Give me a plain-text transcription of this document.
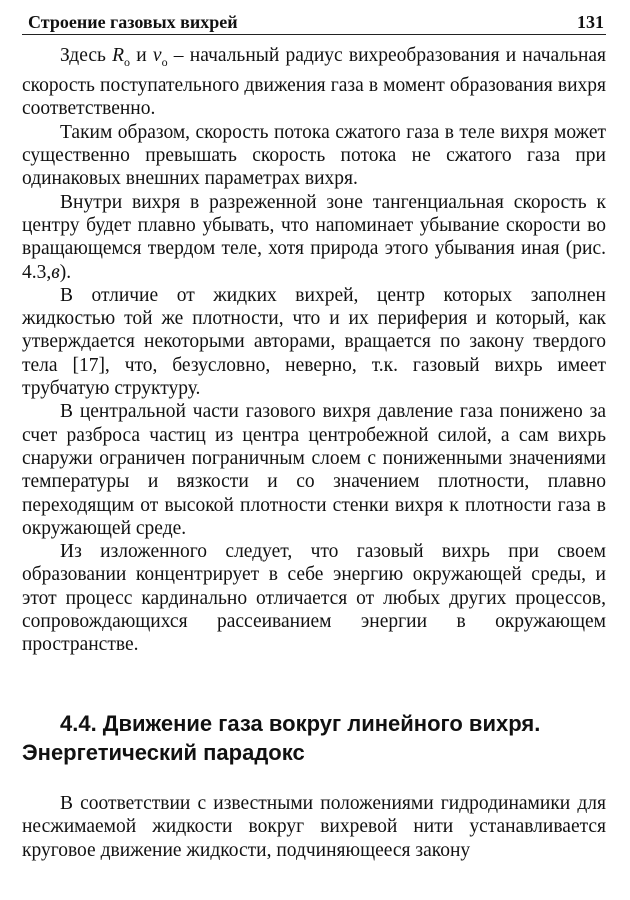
Строение газовых вихрей	131

Здесь $R_o$ и $v_o$ – начальный радиус вихреобразования и начальная скорость поступательного движения газа в момент образования вихря соответственно.

Таким образом, скорость потока сжатого газа в теле вихря может существенно превышать скорость потока не сжатого газа при одинаковых внешних параметрах вихря.

Внутри вихря в разреженной зоне тангенциальная скорость к центру будет плавно убывать, что напоминает убывание скорости во вращающемся твердом теле, хотя природа этого убывания иная (рис. 4.3,в).

В отличие от жидких вихрей, центр которых заполнен жидкостью той же плотности, что и их периферия и который, как утверждается некоторыми авторами, вращается по закону твердого тела [17], что, безусловно, неверно, т.к. газовый вихрь имеет трубчатую структуру.

В центральной части газового вихря давление газа понижено за счет разброса частиц из центра центробежной силой, а сам вихрь снаружи ограничен пограничным слоем с пониженными значениями температуры и вязкости и со значением плотности, плавно переходящим от высокой плотности стенки вихря к плотности газа в окружающей среде.

Из изложенного следует, что газовый вихрь при своем образовании концентрирует в себе энергию окружающей среды, и этот процесс кардинально отличается от любых других процессов, сопровождающихся рассеиванием энергии в окружающем пространстве.

4.4. Движение газа вокруг линейного вихря.
Энергетический парадокс

В соответствии с известными положениями гидродинамики для несжимаемой жидкости вокруг вихревой нити устанавливается круговое движение жидкости, подчиняющееся закону
